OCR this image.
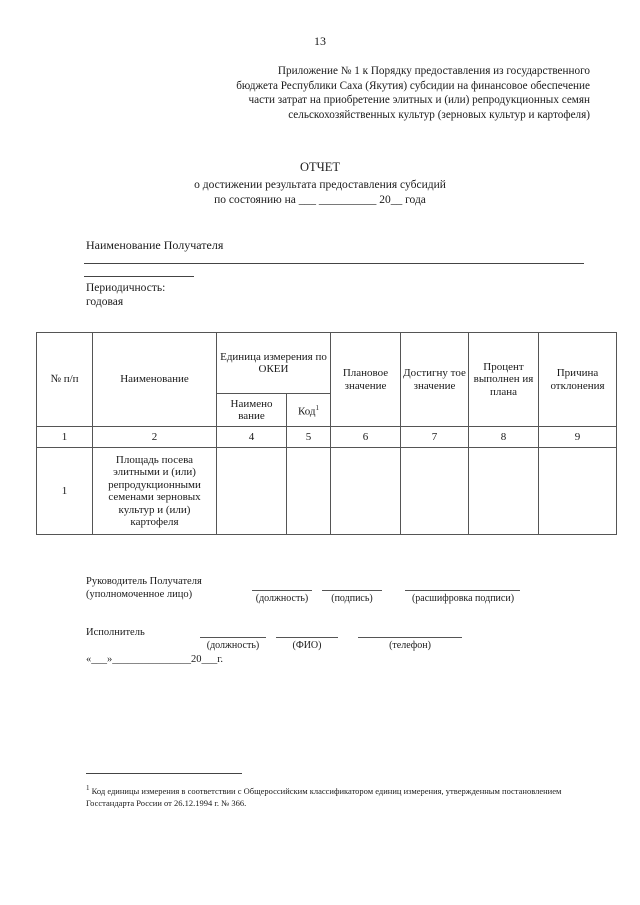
13
Приложение № 1 к Порядку предоставления из государственного
бюджета Республики Саха (Якутия) субсидии на финансовое обеспечение
части затрат на приобретение элитных и (или) репродукционных семян
сельскохозяйственных культур (зерновых культур и картофеля)
ОТЧЕТ
о достижении результата предоставления субсидий
по состоянию на ___ __________ 20__ года
Наименование Получателя
Периодичность:
годовая
№ п/п	Наименование	Единица измерения по ОКЕИ		Плановое значение	Достигну тое значение	Процент выполнен ия плана	Причина отклонения
		Наимено вание	Код$^1$
1	2	4	5	6	7	8	9
1	Площадь посева элитными и (или) репродукционными семенами зерновых культур и (или) картофеля						
Руководитель Получателя
(уполномоченное лицо)	(должность)	(подпись)	(расшифровка подписи)
Исполнитель
(должность)	(ФИО)	(телефон)
«___»_______________20___г.
$^1$ Код единицы измерения в соответствии с Общероссийским классификатором единиц измерения, утвержденным постановлением Госстандарта России от 26.12.1994 г. № 366.
